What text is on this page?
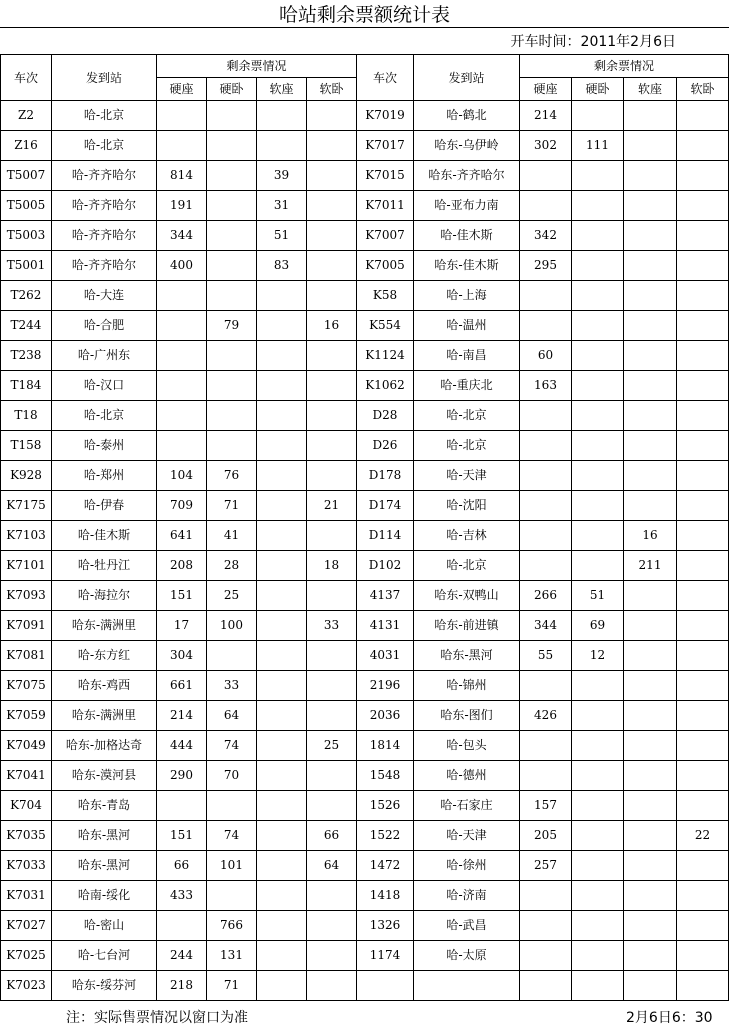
哈站剩余票额统计表
开车时间：2011年2月6日
车次	发到站	剩余票情况				车次	发到站	剩余票情况			
		硬座	硬卧	软座	软卧			硬座	硬卧	软座	软卧
Z2	哈-北京					K7019	哈-鹤北	214			
Z16	哈-北京					K7017	哈东-乌伊岭	302	111		
T5007	哈-齐齐哈尔	814		39		K7015	哈东-齐齐哈尔				
T5005	哈-齐齐哈尔	191		31		K7011	哈-亚布力南				
T5003	哈-齐齐哈尔	344		51		K7007	哈-佳木斯	342			
T5001	哈-齐齐哈尔	400		83		K7005	哈东-佳木斯	295			
T262	哈-大连					K58	哈-上海				
T244	哈-合肥		79		16	K554	哈-温州				
T238	哈-广州东					K1124	哈-南昌	60			
T184	哈-汉口					K1062	哈-重庆北	163			
T18	哈-北京					D28	哈-北京				
T158	哈-泰州					D26	哈-北京				
K928	哈-郑州	104	76			D178	哈-天津				
K7175	哈-伊春	709	71		21	D174	哈-沈阳				
K7103	哈-佳木斯	641	41			D114	哈-吉林			16	
K7101	哈-牡丹江	208	28		18	D102	哈-北京			211	
K7093	哈-海拉尔	151	25			4137	哈东-双鸭山	266	51		
K7091	哈东-满洲里	17	100		33	4131	哈东-前进镇	344	69		
K7081	哈-东方红	304				4031	哈东-黑河	55	12		
K7075	哈东-鸡西	661	33			2196	哈-锦州				
K7059	哈东-满洲里	214	64			2036	哈东-图们	426			
K7049	哈东-加格达奇	444	74		25	1814	哈-包头				
K7041	哈东-漠河县	290	70			1548	哈-德州				
K704	哈东-青岛					1526	哈-石家庄	157			
K7035	哈东-黑河	151	74		66	1522	哈-天津	205			22
K7033	哈东-黑河	66	101		64	1472	哈-徐州	257			
K7031	哈南-绥化	433				1418	哈-济南				
K7027	哈-密山		766			1326	哈-武昌				
K7025	哈-七台河	244	131			1174	哈-太原				
K7023	哈东-绥芬河	218	71								
注：实际售票情况以窗口为准	2月6日6：30
